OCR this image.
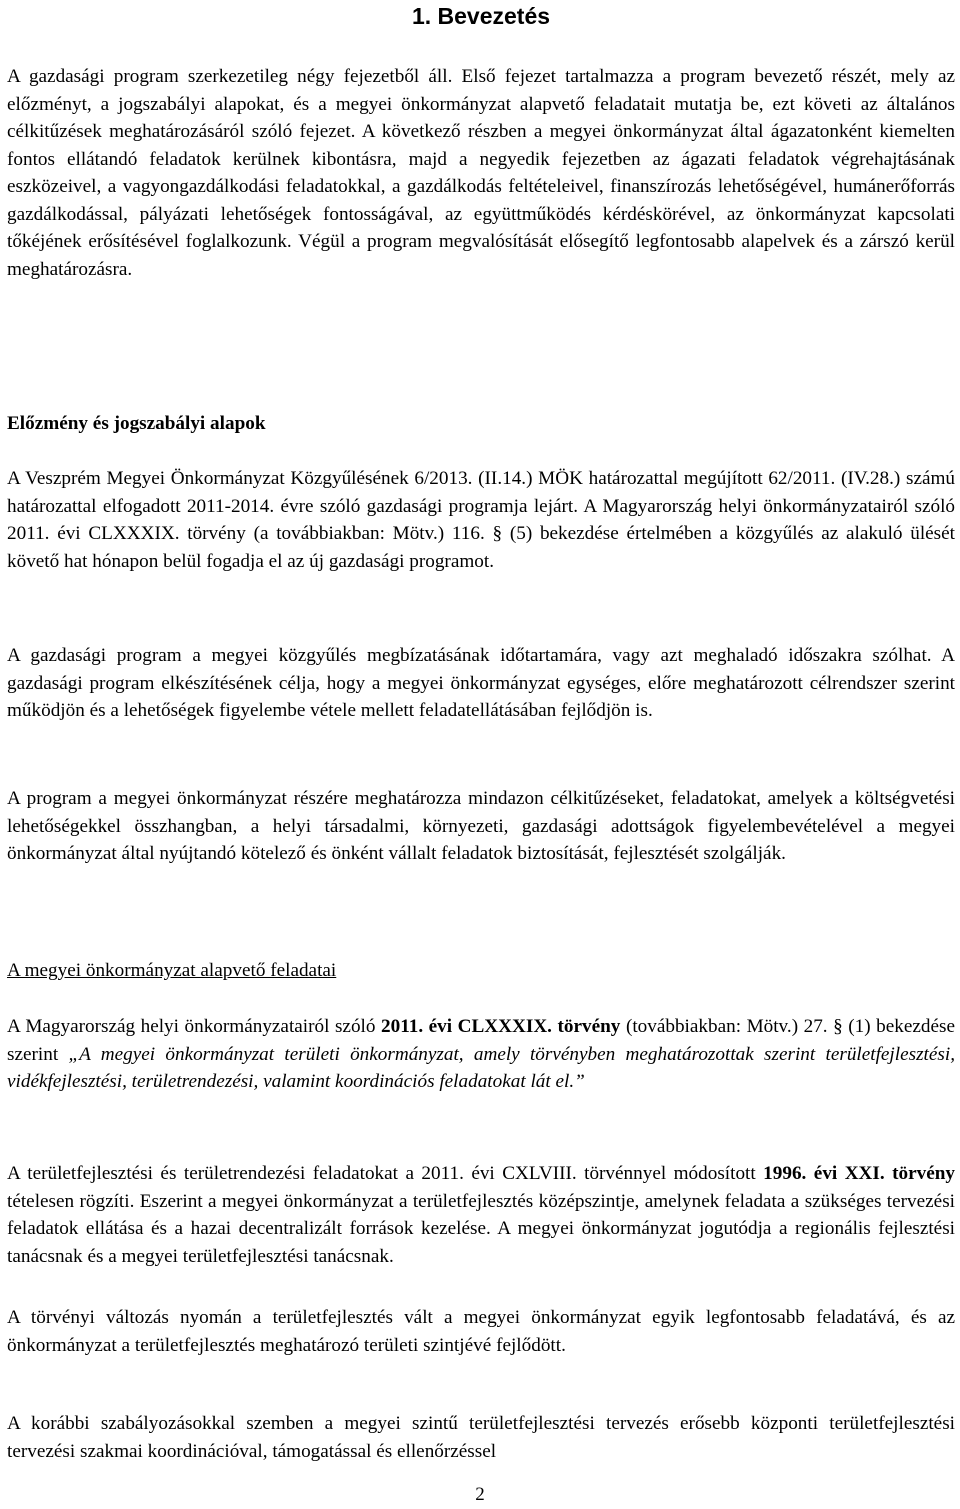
1. Bevezetés

A gazdasági program szerkezetileg négy fejezetből áll. Első fejezet tartalmazza a program bevezető részét, mely az előzményt, a jogszabályi alapokat, és a megyei önkormányzat alapvető feladatait mutatja be, ezt követi az általános célkitűzések meghatározásáról szóló fejezet. A következő részben a megyei önkormányzat által ágazatonként kiemelten fontos ellátandó feladatok kerülnek kibontásra, majd a negyedik fejezetben az ágazati feladatok végrehajtásának eszközeivel, a vagyongazdálkodási feladatokkal, a gazdálkodás feltételeivel, finanszírozás lehetőségével, humánerőforrás gazdálkodással, pályázati lehetőségek fontosságával, az együttműködés kérdéskörével, az önkormányzat kapcsolati tőkéjének erősítésével foglalkozunk. Végül a program megvalósítását elősegítő legfontosabb alapelvek és a zárszó kerül meghatározásra.

Előzmény és jogszabályi alapok

A Veszprém Megyei Önkormányzat Közgyűlésének 6/2013. (II.14.) MÖK határozattal megújított 62/2011. (IV.28.) számú határozattal elfogadott 2011-2014. évre szóló gazdasági programja lejárt. A Magyarország helyi önkormányzatairól szóló 2011. évi CLXXXIX. törvény (a továbbiakban: Mötv.) 116. § (5) bekezdése értelmében a közgyűlés az alakuló ülését követő hat hónapon belül fogadja el az új gazdasági programot.

A gazdasági program a megyei közgyűlés megbízatásának időtartamára, vagy azt meghaladó időszakra szólhat. A gazdasági program elkészítésének célja, hogy a megyei önkormányzat egységes, előre meghatározott célrendszer szerint működjön és a lehetőségek figyelembe vétele mellett feladatellátásában fejlődjön is.

A program a megyei önkormányzat részére meghatározza mindazon célkitűzéseket, feladatokat, amelyek a költségvetési lehetőségekkel összhangban, a helyi társadalmi, környezeti, gazdasági adottságok figyelembevételével a megyei önkormányzat által nyújtandó kötelező és önként vállalt feladatok biztosítását, fejlesztését szolgálják.

A megyei önkormányzat alapvető feladatai

A Magyarország helyi önkormányzatairól szóló 2011. évi CLXXXIX. törvény (továbbiakban: Mötv.) 27. § (1) bekezdése szerint „A megyei önkormányzat területi önkormányzat, amely törvényben meghatározottak szerint területfejlesztési, vidékfejlesztési, területrendezési, valamint koordinációs feladatokat lát el.”

A területfejlesztési és területrendezési feladatokat a 2011. évi CXLVIII. törvénnyel módosított 1996. évi XXI. törvény tételesen rögzíti. Eszerint a megyei önkormányzat a területfejlesztés középszintje, amelynek feladata a szükséges tervezési feladatok ellátása és a hazai decentralizált források kezelése. A megyei önkormányzat jogutódja a regionális fejlesztési tanácsnak és a megyei területfejlesztési tanácsnak.

A törvényi változás nyomán a területfejlesztés vált a megyei önkormányzat egyik legfontosabb feladatává, és az önkormányzat a területfejlesztés meghatározó területi szintjévé fejlődött.

A korábbi szabályozásokkal szemben a megyei szintű területfejlesztési tervezés erősebb központi területfejlesztési tervezési szakmai koordinációval, támogatással és ellenőrzéssel

2
